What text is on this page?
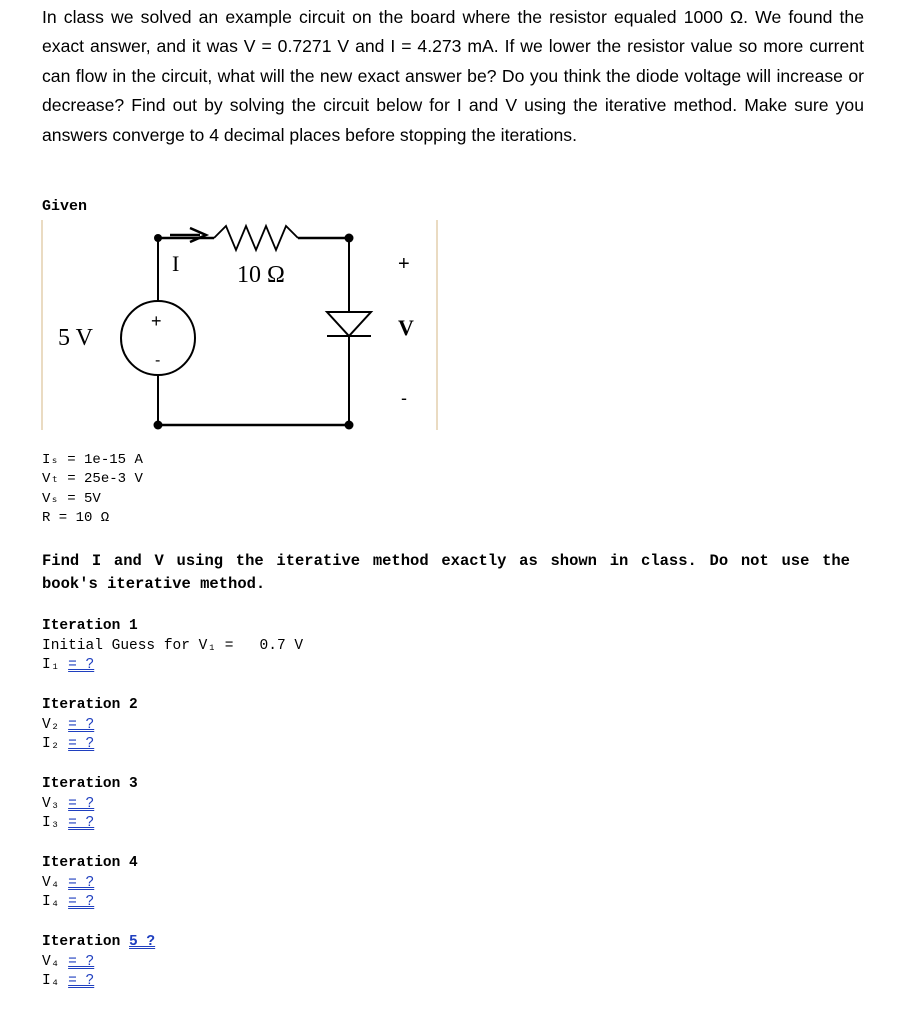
In class we solved an example circuit on the board where the resistor equaled 1000 Ω. We found the exact answer, and it was V = 0.7271 V and I = 4.273 mA. If we lower the resistor value so more current can flow in the circuit, what will the new exact answer be? Do you think the diode voltage will increase or decrease? Find out by solving the circuit below for I and V using the iterative method. Make sure you answers converge to 4 decimal places before stopping the iterations.
Given
5 V
+
-
I 10 Ω	+
V
-
Iₛ = 1e-15 A
Vₜ = 25e-3 V
Vₛ = 5V
R = 10 Ω
Find I and V using the iterative method exactly as shown in class. Do not use the book's iterative method.
Iteration 1
Initial Guess for V₁ = 0.7 V
I₁ = ?
Iteration 2
V₂ = ?
I₂ = ?
Iteration 3
V₃ = ?
I₃ = ?
Iteration 4
V₄ = ?
I₄ = ?
Iteration 5 ?
V₄ = ?
I₄ = ?
